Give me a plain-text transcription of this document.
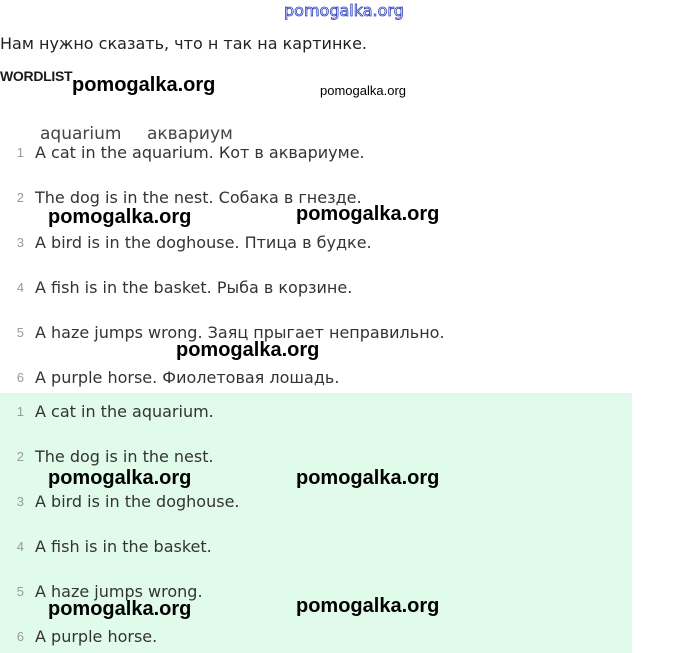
pomogalka.org
Нам нужно сказать, что н так на картинке.
WORDLIST
aquarium аквариум
1 A cat in the aquarium. Кот в аквариуме.
2 The dog is in the nest. Собака в гнезде.
3 A bird is in the doghouse. Птица в будке.
4 A fish is in the basket. Рыба в корзине.
5 A haze jumps wrong. Заяц прыгает неправильно.
6 A purple horse. Фиолетовая лошадь.
1 A cat in the aquarium.
2 The dog is in the nest.
3 A bird is in the doghouse.
4 A fish is in the basket.
5 A haze jumps wrong.
6 A purple horse.
pomogalka.org	pomogalka.org
pomogalka.org	pomogalka.org
pomogalka.org
pomogalka.org	pomogalka.org
pomogalka.org	pomogalka.org
